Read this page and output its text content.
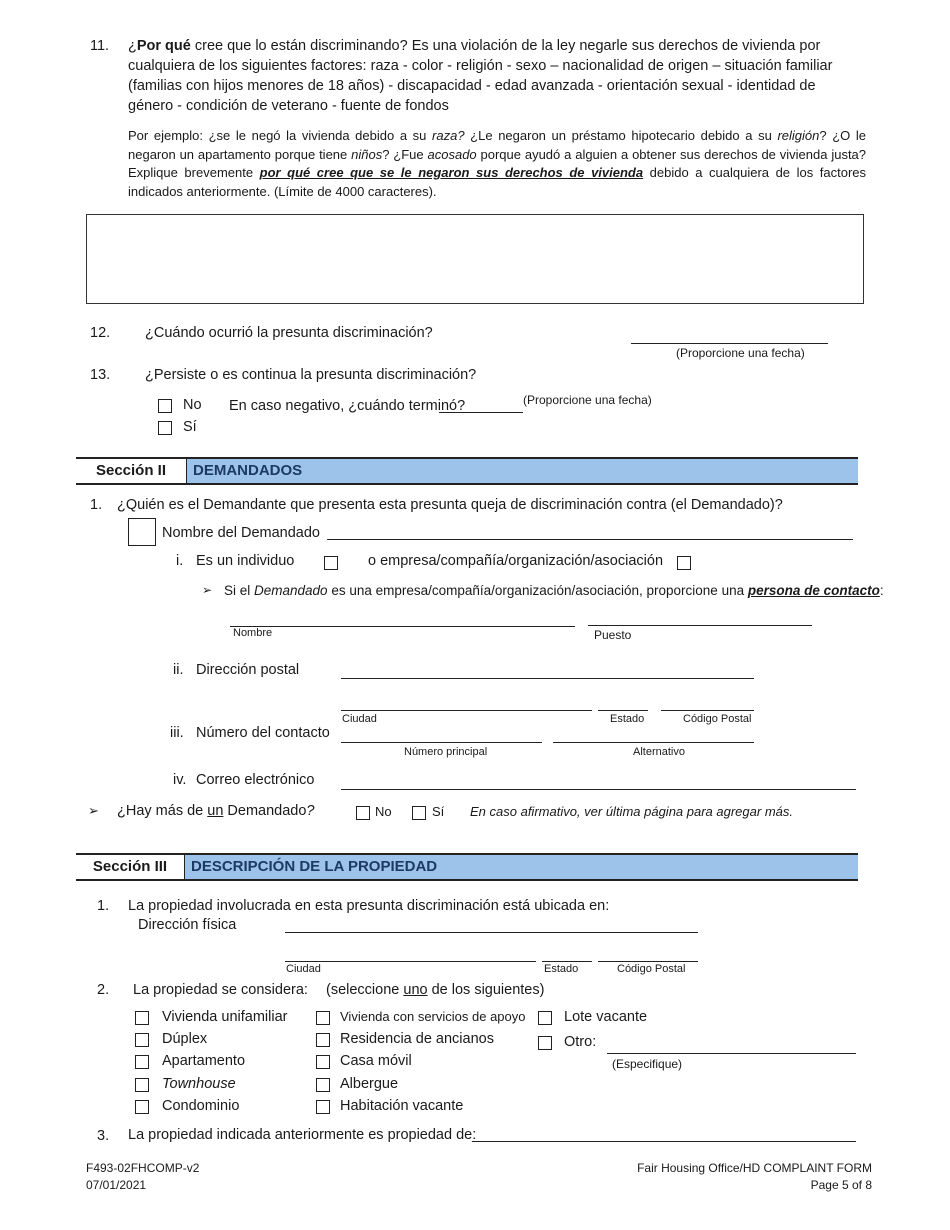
11. ¿Por qué cree que lo están discriminando? Es una violación de la ley negarle sus derechos de vivienda por cualquiera de los siguientes factores: raza - color - religión - sexo – nacionalidad de origen – situación familiar (familias con hijos menores de 18 años) - discapacidad - edad avanzada - orientación sexual - identidad de género - condición de veterano - fuente de fondos
Por ejemplo: ¿se le negó la vivienda debido a su raza? ¿Le negaron un préstamo hipotecario debido a su religión? ¿O le negaron un apartamento porque tiene niños? ¿Fue acosado porque ayudó a alguien a obtener sus derechos de vivienda justa? Explique brevemente por qué cree que se le negaron sus derechos de vivienda debido a cualquiera de los factores indicados anteriormente. (Límite de 4000 caracteres).
12. ¿Cuándo ocurrió la presunta discriminación?
(Proporcione una fecha)
13. ¿Persiste o es continua la presunta discriminación?
No En caso negativo, ¿cuándo terminó?	(Proporcione una fecha)
Sí
Sección II	DEMANDADOS
1. ¿Quién es el Demandante que presenta esta presunta queja de discriminación contra (el Demandado)?
Nombre del Demandado
i. Es un individuo	o empresa/compañía/organización/asociación
➢ Si el Demandado es una empresa/compañía/organización/asociación, proporcione una persona de contacto:
Nombre	Puesto
ii. Dirección postal
Ciudad	Estado	Código Postal
iii. Número del contacto
Número principal	Alternativo
iv. Correo electrónico
➢ ¿Hay más de un Demandado?	No	Sí En caso afirmativo, ver última página para agregar más.
Sección III	DESCRIPCIÓN DE LA PROPIEDAD
1. La propiedad involucrada en esta presunta discriminación está ubicada en:
Dirección física
Ciudad	Estado	Código Postal
2. La propiedad se considera: (seleccione uno de los siguientes)
Vivienda unifamiliar
Dúplex
Apartamento
Townhouse
Condominio
Vivienda con servicios de apoyo
Residencia de ancianos
Casa móvil
Albergue
Habitación vacante
Lote vacante
Otro:
(Especifique)
3. La propiedad indicada anteriormente es propiedad de:
F493-02FHCOMP-v2
07/01/2021
Fair Housing Office/HD COMPLAINT FORM
Page 5 of 8
